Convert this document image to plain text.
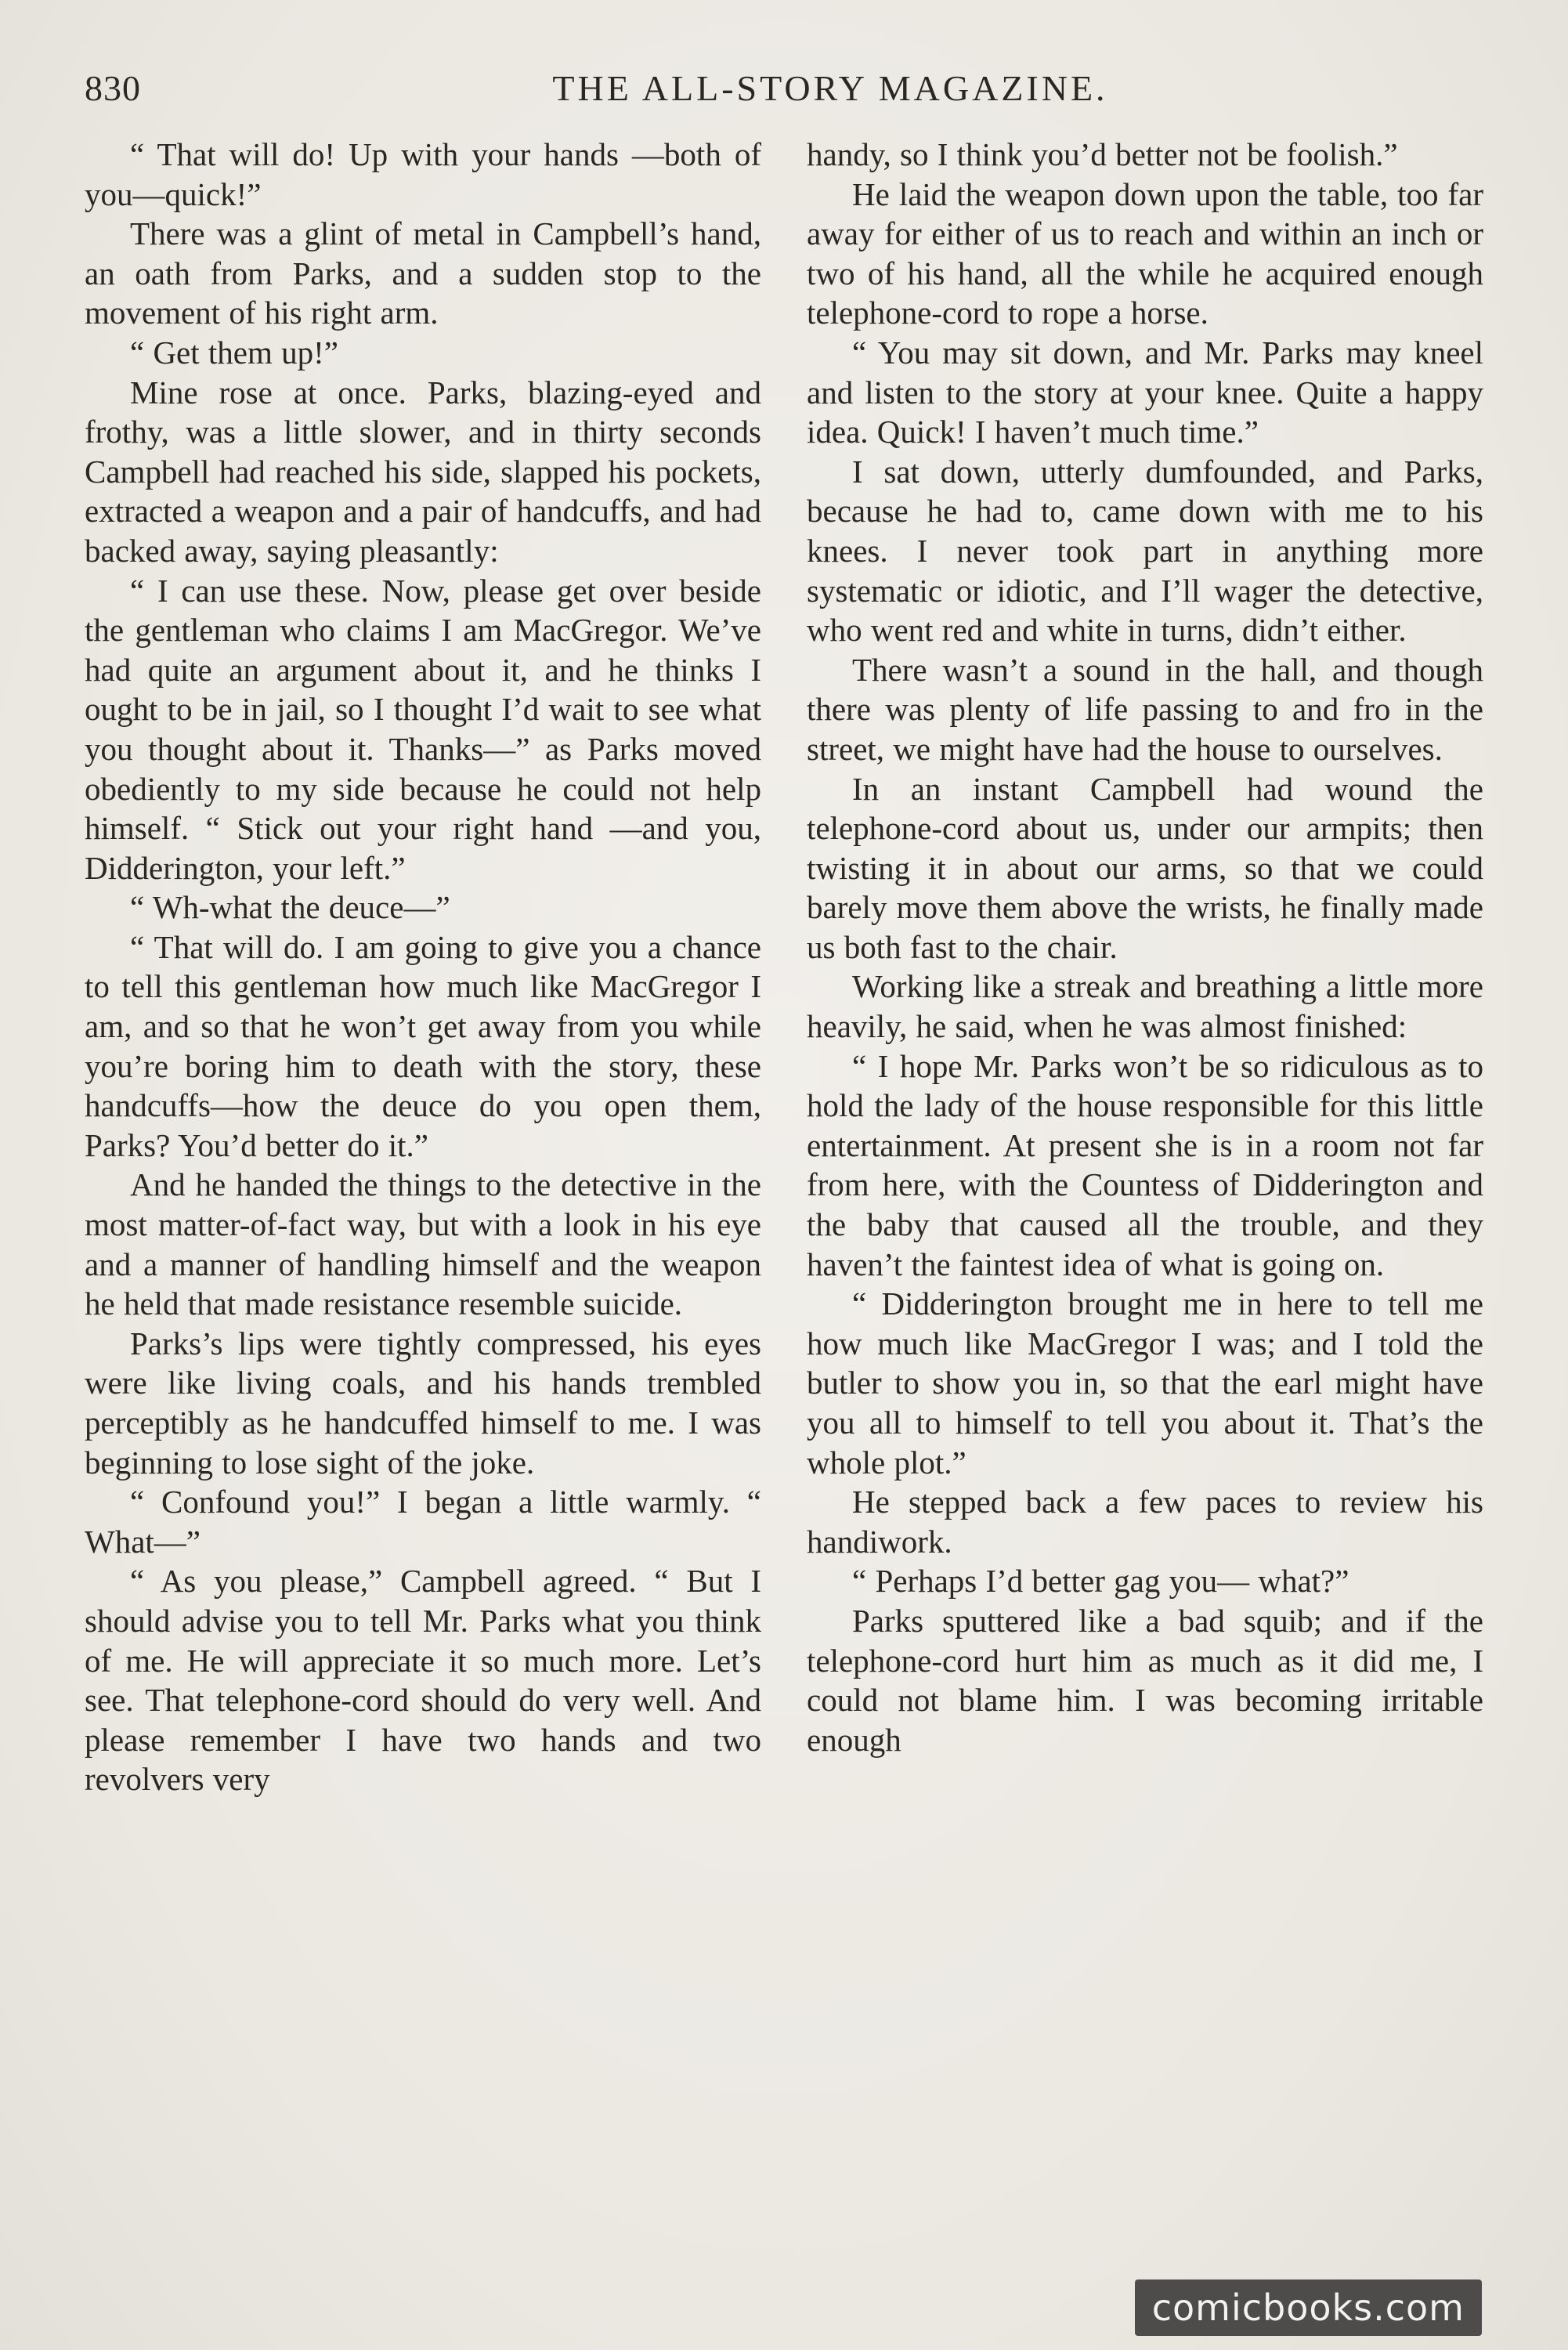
830	THE ALL-STORY MAGAZINE.

“ That will do! Up with your hands —both of you—quick!”

There was a glint of metal in Campbell’s hand, an oath from Parks, and a sudden stop to the movement of his right arm.

“ Get them up!”

Mine rose at once. Parks, blazing-eyed and frothy, was a little slower, and in thirty seconds Campbell had reached his side, slapped his pockets, extracted a weapon and a pair of handcuffs, and had backed away, saying pleasantly:

“ I can use these. Now, please get over beside the gentleman who claims I am MacGregor. We’ve had quite an argument about it, and he thinks I ought to be in jail, so I thought I’d wait to see what you thought about it. Thanks—” as Parks moved obediently to my side because he could not help himself. “ Stick out your right hand —and you, Didderington, your left.”

“ Wh-what the deuce—”

“ That will do. I am going to give you a chance to tell this gentleman how much like MacGregor I am, and so that he won’t get away from you while you’re boring him to death with the story, these handcuffs—how the deuce do you open them, Parks? You’d better do it.”

And he handed the things to the detective in the most matter-of-fact way, but with a look in his eye and a manner of handling himself and the weapon he held that made resistance resemble suicide.

Parks’s lips were tightly compressed, his eyes were like living coals, and his hands trembled perceptibly as he handcuffed himself to me. I was beginning to lose sight of the joke.

“ Confound you!” I began a little warmly. “ What—”

“ As you please,” Campbell agreed. “ But I should advise you to tell Mr. Parks what you think of me. He will appreciate it so much more. Let’s see. That telephone-cord should do very well. And please remember I have two hands and two revolvers very

handy, so I think you’d better not be foolish.”

He laid the weapon down upon the table, too far away for either of us to reach and within an inch or two of his hand, all the while he acquired enough telephone-cord to rope a horse.

“ You may sit down, and Mr. Parks may kneel and listen to the story at your knee. Quite a happy idea. Quick! I haven’t much time.”

I sat down, utterly dumfounded, and Parks, because he had to, came down with me to his knees. I never took part in anything more systematic or idiotic, and I’ll wager the detective, who went red and white in turns, didn’t either.

There wasn’t a sound in the hall, and though there was plenty of life passing to and fro in the street, we might have had the house to ourselves.

In an instant Campbell had wound the telephone-cord about us, under our armpits; then twisting it in about our arms, so that we could barely move them above the wrists, he finally made us both fast to the chair.

Working like a streak and breathing a little more heavily, he said, when he was almost finished:

“ I hope Mr. Parks won’t be so ridiculous as to hold the lady of the house responsible for this little entertainment. At present she is in a room not far from here, with the Countess of Didderington and the baby that caused all the trouble, and they haven’t the faintest idea of what is going on.

“ Didderington brought me in here to tell me how much like MacGregor I was; and I told the butler to show you in, so that the earl might have you all to himself to tell you about it. That’s the whole plot.”

He stepped back a few paces to review his handiwork.

“ Perhaps I’d better gag you— what?”

Parks sputtered like a bad squib; and if the telephone-cord hurt him as much as it did me, I could not blame him. I was becoming irritable enough

comicbooks.com
